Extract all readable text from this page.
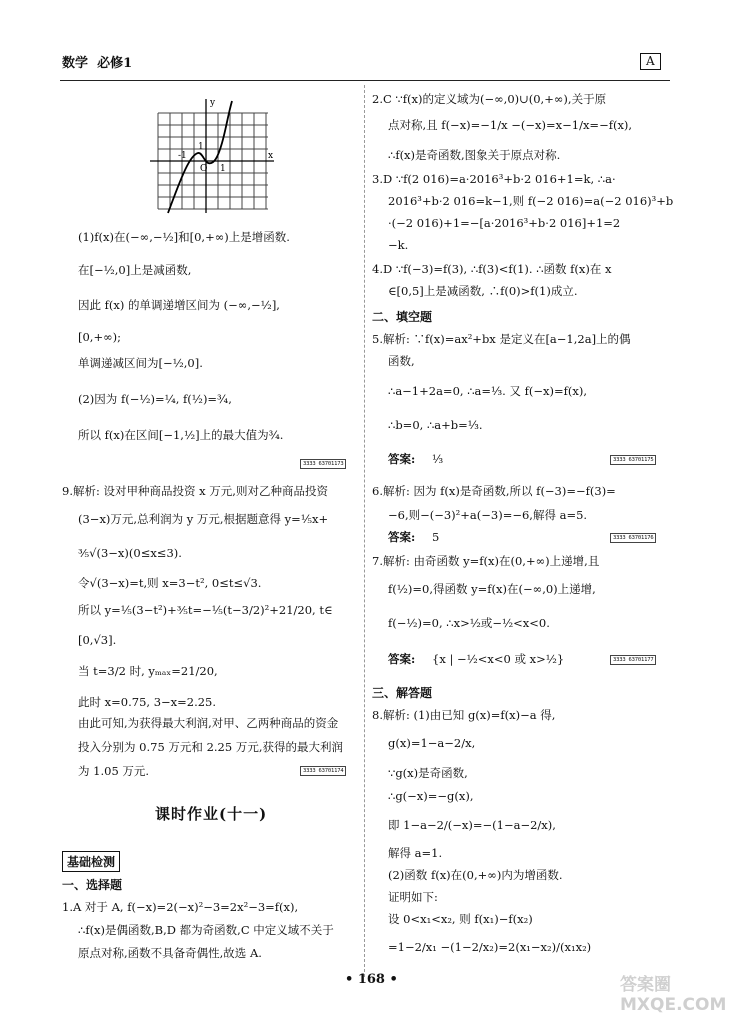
数学 必修1	A
y
x
O 1
-1
1
(1)f(x)在(−∞,−½]和[0,+∞)上是增函数.
在[−½,0]上是减函数,
因此 f(x) 的单调递增区间为 (−∞,−½],
[0,+∞);
单调递减区间为[−½,0].
(2)因为 f(−½)=¼, f(½)=¾,
所以 f(x)在区间[−1,½]上的最大值为¾.
3333 63701173
9.解析: 设对甲种商品投资 x 万元,则对乙种商品投资
(3−x)万元,总利润为 y 万元,根据题意得 y=⅕x+
⅗√(3−x)(0≤x≤3).
令√(3−x)=t,则 x=3−t², 0≤t≤√3.
所以 y=⅕(3−t²)+⅗t=−⅕(t−3/2)²+21/20, t∈
[0,√3].
当 t=3/2 时, yₘₐₓ=21/20,
此时 x=0.75, 3−x=2.25.
由此可知,为获得最大利润,对甲、乙两种商品的资金
投入分别为 0.75 万元和 2.25 万元,获得的最大利润
为 1.05 万元.	3333 63701174
课时作业(十一)
基础检测
一、选择题
1.A 对于 A, f(−x)=2(−x)²−3=2x²−3=f(x),
∴f(x)是偶函数,B,D 都为奇函数,C 中定义域不关于
原点对称,函数不具备奇偶性,故选 A.
2.C ∵f(x)的定义域为(−∞,0)∪(0,+∞),关于原
点对称,且 f(−x)=−1/x −(−x)=x−1/x=−f(x),
∴f(x)是奇函数,图象关于原点对称.
3.D ∵f(2 016)=a·2016³+b·2 016+1=k, ∴a·
2016³+b·2 016=k−1,则 f(−2 016)=a(−2 016)³+b
·(−2 016)+1=−[a·2016³+b·2 016]+1=2
−k.
4.D ∵f(−3)=f(3), ∴f(3)<f(1). ∴函数 f(x)在 x
∈[0,5]上是减函数, ∴f(0)>f(1)成立.
二、填空题
5.解析: ∵f(x)=ax²+bx 是定义在[a−1,2a]上的偶
函数,
∴a−1+2a=0, ∴a=⅓. 又 f(−x)=f(x),
∴b=0, ∴a+b=⅓.
答案: ⅓	3333 63701175
6.解析: 因为 f(x)是奇函数,所以 f(−3)=−f(3)=
−6,则−(−3)²+a(−3)=−6,解得 a=5.
答案: 5	3333 63701176
7.解析: 由奇函数 y=f(x)在(0,+∞)上递增,且
f(½)=0,得函数 y=f(x)在(−∞,0)上递增,
f(−½)=0, ∴x>½或−½<x<0.
答案: {x | −½<x<0 或 x>½}	3333 63701177
三、解答题
8.解析: (1)由已知 g(x)=f(x)−a 得,
g(x)=1−a−2/x,
∵g(x)是奇函数,
∴g(−x)=−g(x),
即 1−a−2/(−x)=−(1−a−2/x),
解得 a=1.
(2)函数 f(x)在(0,+∞)内为增函数.
证明如下:
设 0<x₁<x₂, 则 f(x₁)−f(x₂)
=1−2/x₁ −(1−2/x₂)=2(x₁−x₂)/(x₁x₂)
• 168 •	答案圈 MXQE.COM
